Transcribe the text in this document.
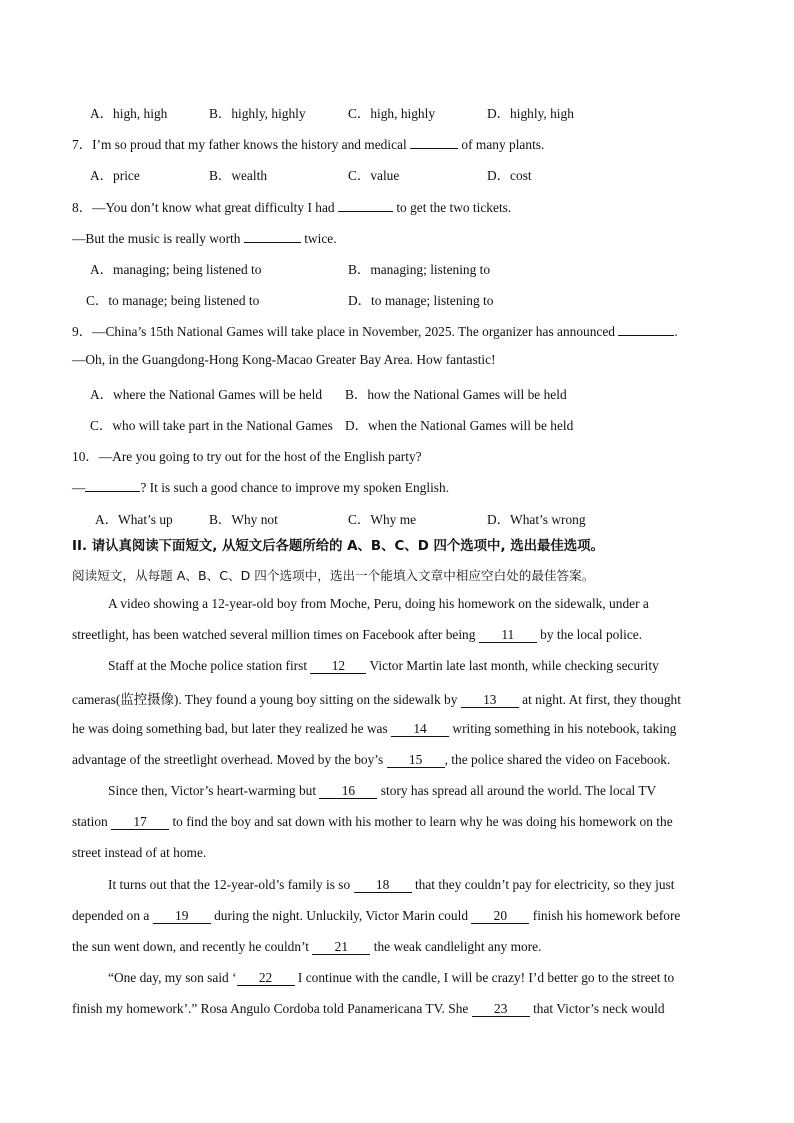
A．high, high	B．highly, highly	C．high, highly	D．highly, high
7．I’m so proud that my father knows the history and medical	of many plants.
A．price	B．wealth	C．value	D．cost
8．—You don’t know what great difficulty I had	to get the two tickets.
—But the music is really worth	twice.
A．managing; being listened to	B．managing; listening to
C．to manage; being listened to	D．to manage; listening to
9．—China’s 15th National Games will take place in November, 2025. The organizer has announced	.
—Oh, in the Guangdong-Hong Kong-Macao Greater Bay Area. How fantastic!
A．where the National Games will be held B．how the National Games will be held
C．who will take part in the National Games D．when the National Games will be held
10．—Are you going to try out for the host of the English party?
—	? It is such a good chance to improve my spoken English.
A．What’s up	B．Why not	C．Why me	D．What’s wrong
II. 请认真阅读下面短文, 从短文后各题所给的 A、B、C、D 四个选项中, 选出最佳选项。
阅读短文，从每题 A、B、C、D 四个选项中，选出一个能填入文章中相应空白处的最佳答案。
A video showing a 12-year-old boy from Moche, Peru, doing his homework on the sidewalk, under a
streetlight, has been watched several million times on Facebook after being 11 by the local police.
Staff at the Moche police station first 12 Victor Martin late last month, while checking security
cameras(监控摄像). They found a young boy sitting on the sidewalk by 13 at night. At first, they thought
he was doing something bad, but later they realized he was 14 writing something in his notebook, taking
advantage of the streetlight overhead. Moved by the boy’s 15 , the police shared the video on Facebook.
Since then, Victor’s heart-warming but 16 story has spread all around the world. The local TV
station 17 to find the boy and sat down with his mother to learn why he was doing his homework on the
street instead of at home.
It turns out that the 12-year-old’s family is so 18 that they couldn’t pay for electricity, so they just
depended on a 19 during the night. Unluckily, Victor Marin could 20 finish his homework before
the sun went down, and recently he couldn’t 21 the weak candlelight any more.
“One day, my son said ‘ 22 I continue with the candle, I will be crazy! I’d better go to the street to
finish my homework’.” Rosa Angulo Cordoba told Panamericana TV. She 23 that Victor’s neck would
